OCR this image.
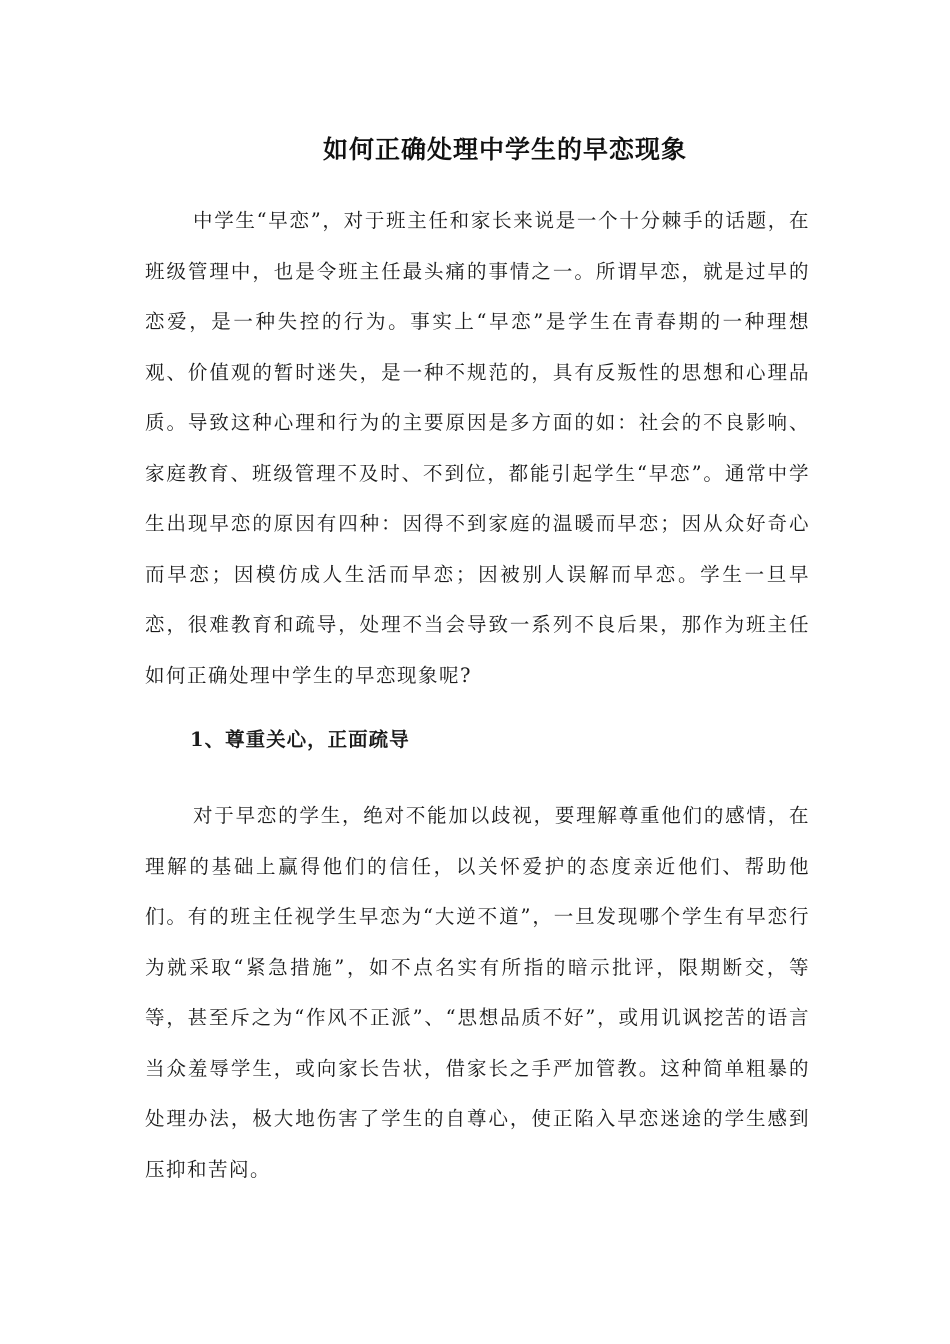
如何正确处理中学生的早恋现象

中学生“早恋”，对于班主任和家长来说是一个十分棘手的话题，在班级管理中，也是令班主任最头痛的事情之一。所谓早恋，就是过早的恋爱，是一种失控的行为。事实上“早恋”是学生在青春期的一种理想观、价值观的暂时迷失，是一种不规范的，具有反叛性的思想和心理品质。导致这种心理和行为的主要原因是多方面的如：社会的不良影响、家庭教育、班级管理不及时、不到位，都能引起学生“早恋”。通常中学生出现早恋的原因有四种：因得不到家庭的温暖而早恋；因从众好奇心而早恋；因模仿成人生活而早恋；因被别人误解而早恋。学生一旦早恋，很难教育和疏导，处理不当会导致一系列不良后果，那作为班主任如何正确处理中学生的早恋现象呢?

1、尊重关心，正面疏导

对于早恋的学生，绝对不能加以歧视，要理解尊重他们的感情，在理解的基础上赢得他们的信任，以关怀爱护的态度亲近他们、帮助他们。有的班主任视学生早恋为“大逆不道”，一旦发现哪个学生有早恋行为就采取“紧急措施”，如不点名实有所指的暗示批评，限期断交，等等，甚至斥之为“作风不正派”、“思想品质不好”，或用讥讽挖苦的语言当众羞辱学生，或向家长告状，借家长之手严加管教。这种简单粗暴的处理办法，极大地伤害了学生的自尊心，使正陷入早恋迷途的学生感到压抑和苦闷。
